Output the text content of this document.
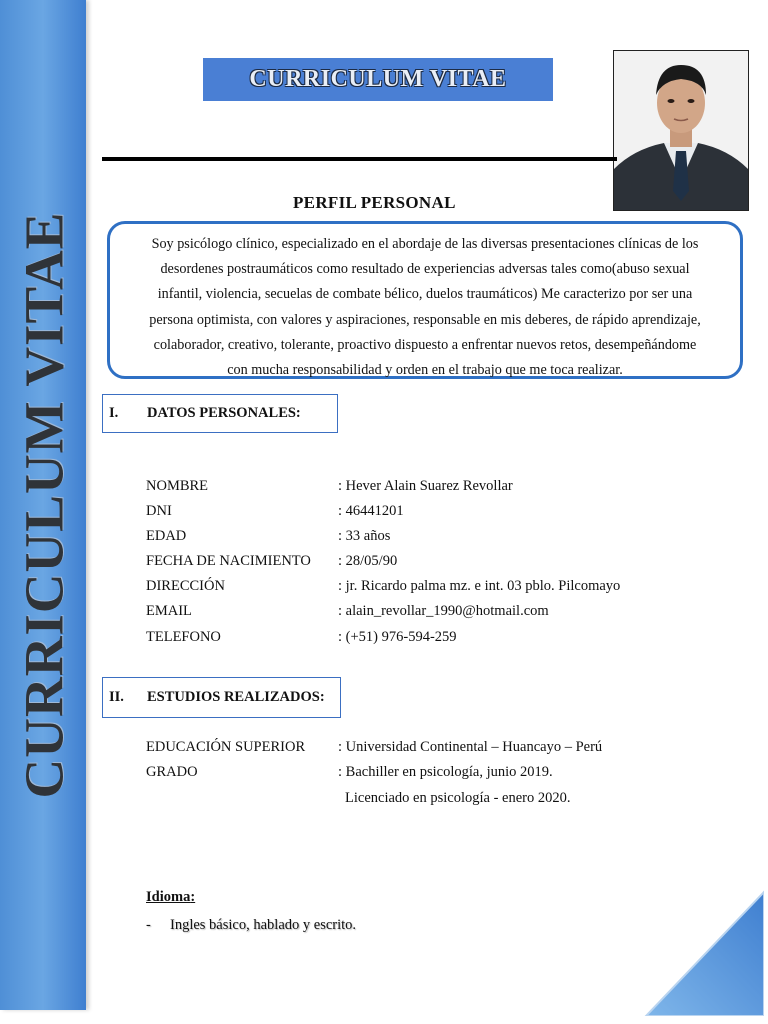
CURRICULUM VITAE
CURRICULUM VITAE
PERFIL PERSONAL
Soy psicólogo clínico, especializado en el abordaje de las diversas presentaciones clínicas de los
desordenes postraumáticos como resultado de experiencias adversas tales como(abuso sexual
infantil, violencia, secuelas de combate bélico, duelos traumáticos) Me caracterizo por ser una
persona optimista, con valores y aspiraciones, responsable en mis deberes, de rápido aprendizaje,
colaborador, creativo, tolerante, proactivo dispuesto a enfrentar nuevos retos, desempeñándome
con mucha responsabilidad y orden en el trabajo que me toca realizar.
I.	DATOS PERSONALES:
NOMBRE	: Hever Alain Suarez Revollar
DNI	: 46441201
EDAD	: 33 años
FECHA DE NACIMIENTO : 28/05/90
DIRECCIÓN	: jr. Ricardo palma mz. e int. 03 pblo. Pilcomayo
EMAIL	: alain_revollar_1990@hotmail.com
TELEFONO	: (+51) 976-594-259
II.	ESTUDIOS REALIZADOS:
EDUCACIÓN SUPERIOR : Universidad Continental – Huancayo – Perú
GRADO	: Bachiller en psicología, junio 2019.
Licenciado en psicología - enero 2020.
Idioma:
- Ingles básico, hablado y escrito.
